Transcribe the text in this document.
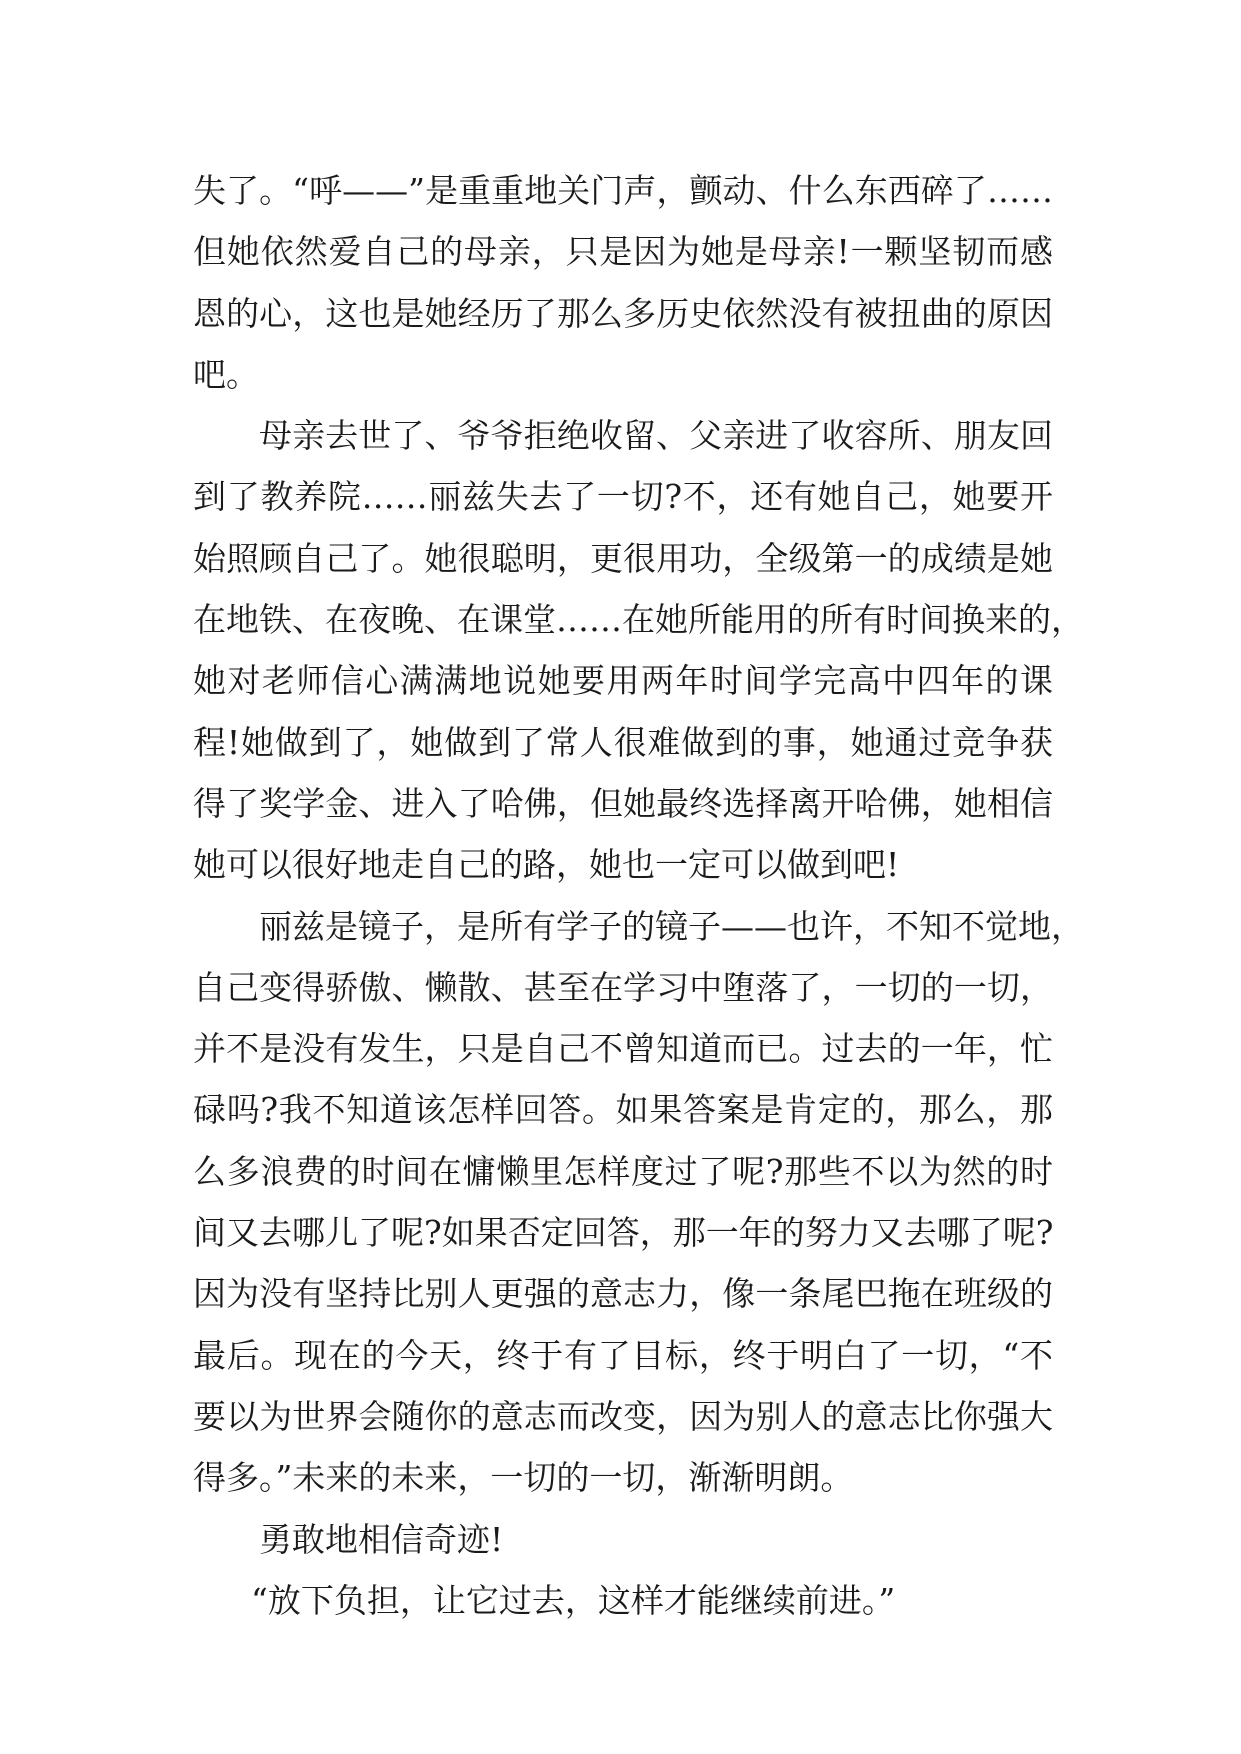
失了。“呼——”是重重地关门声，颤动、什么东西碎了……
但她依然爱自己的母亲，只是因为她是母亲!一颗坚韧而感
恩的心，这也是她经历了那么多历史依然没有被扭曲的原因
吧。
母亲去世了、爷爷拒绝收留、父亲进了收容所、朋友回
到了教养院……丽兹失去了一切?不，还有她自己，她要开
始照顾自己了。她很聪明，更很用功，全级第一的成绩是她
在地铁、在夜晚、在课堂……在她所能用的所有时间换来的，
她对老师信心满满地说她要用两年时间学完高中四年的课
程!她做到了，她做到了常人很难做到的事，她通过竞争获
得了奖学金、进入了哈佛，但她最终选择离开哈佛，她相信
她可以很好地走自己的路，她也一定可以做到吧!
丽兹是镜子，是所有学子的镜子——也许，不知不觉地，
自己变得骄傲、懒散、甚至在学习中堕落了，一切的一切，
并不是没有发生，只是自己不曾知道而已。过去的一年，忙
碌吗?我不知道该怎样回答。如果答案是肯定的，那么，那
么多浪费的时间在慵懒里怎样度过了呢?那些不以为然的时
间又去哪儿了呢?如果否定回答，那一年的努力又去哪了呢?
因为没有坚持比别人更强的意志力，像一条尾巴拖在班级的
最后。现在的今天，终于有了目标，终于明白了一切，“不
要以为世界会随你的意志而改变，因为别人的意志比你强大
得多。”未来的未来，一切的一切，渐渐明朗。
勇敢地相信奇迹!
“放下负担，让它过去，这样才能继续前进。”
